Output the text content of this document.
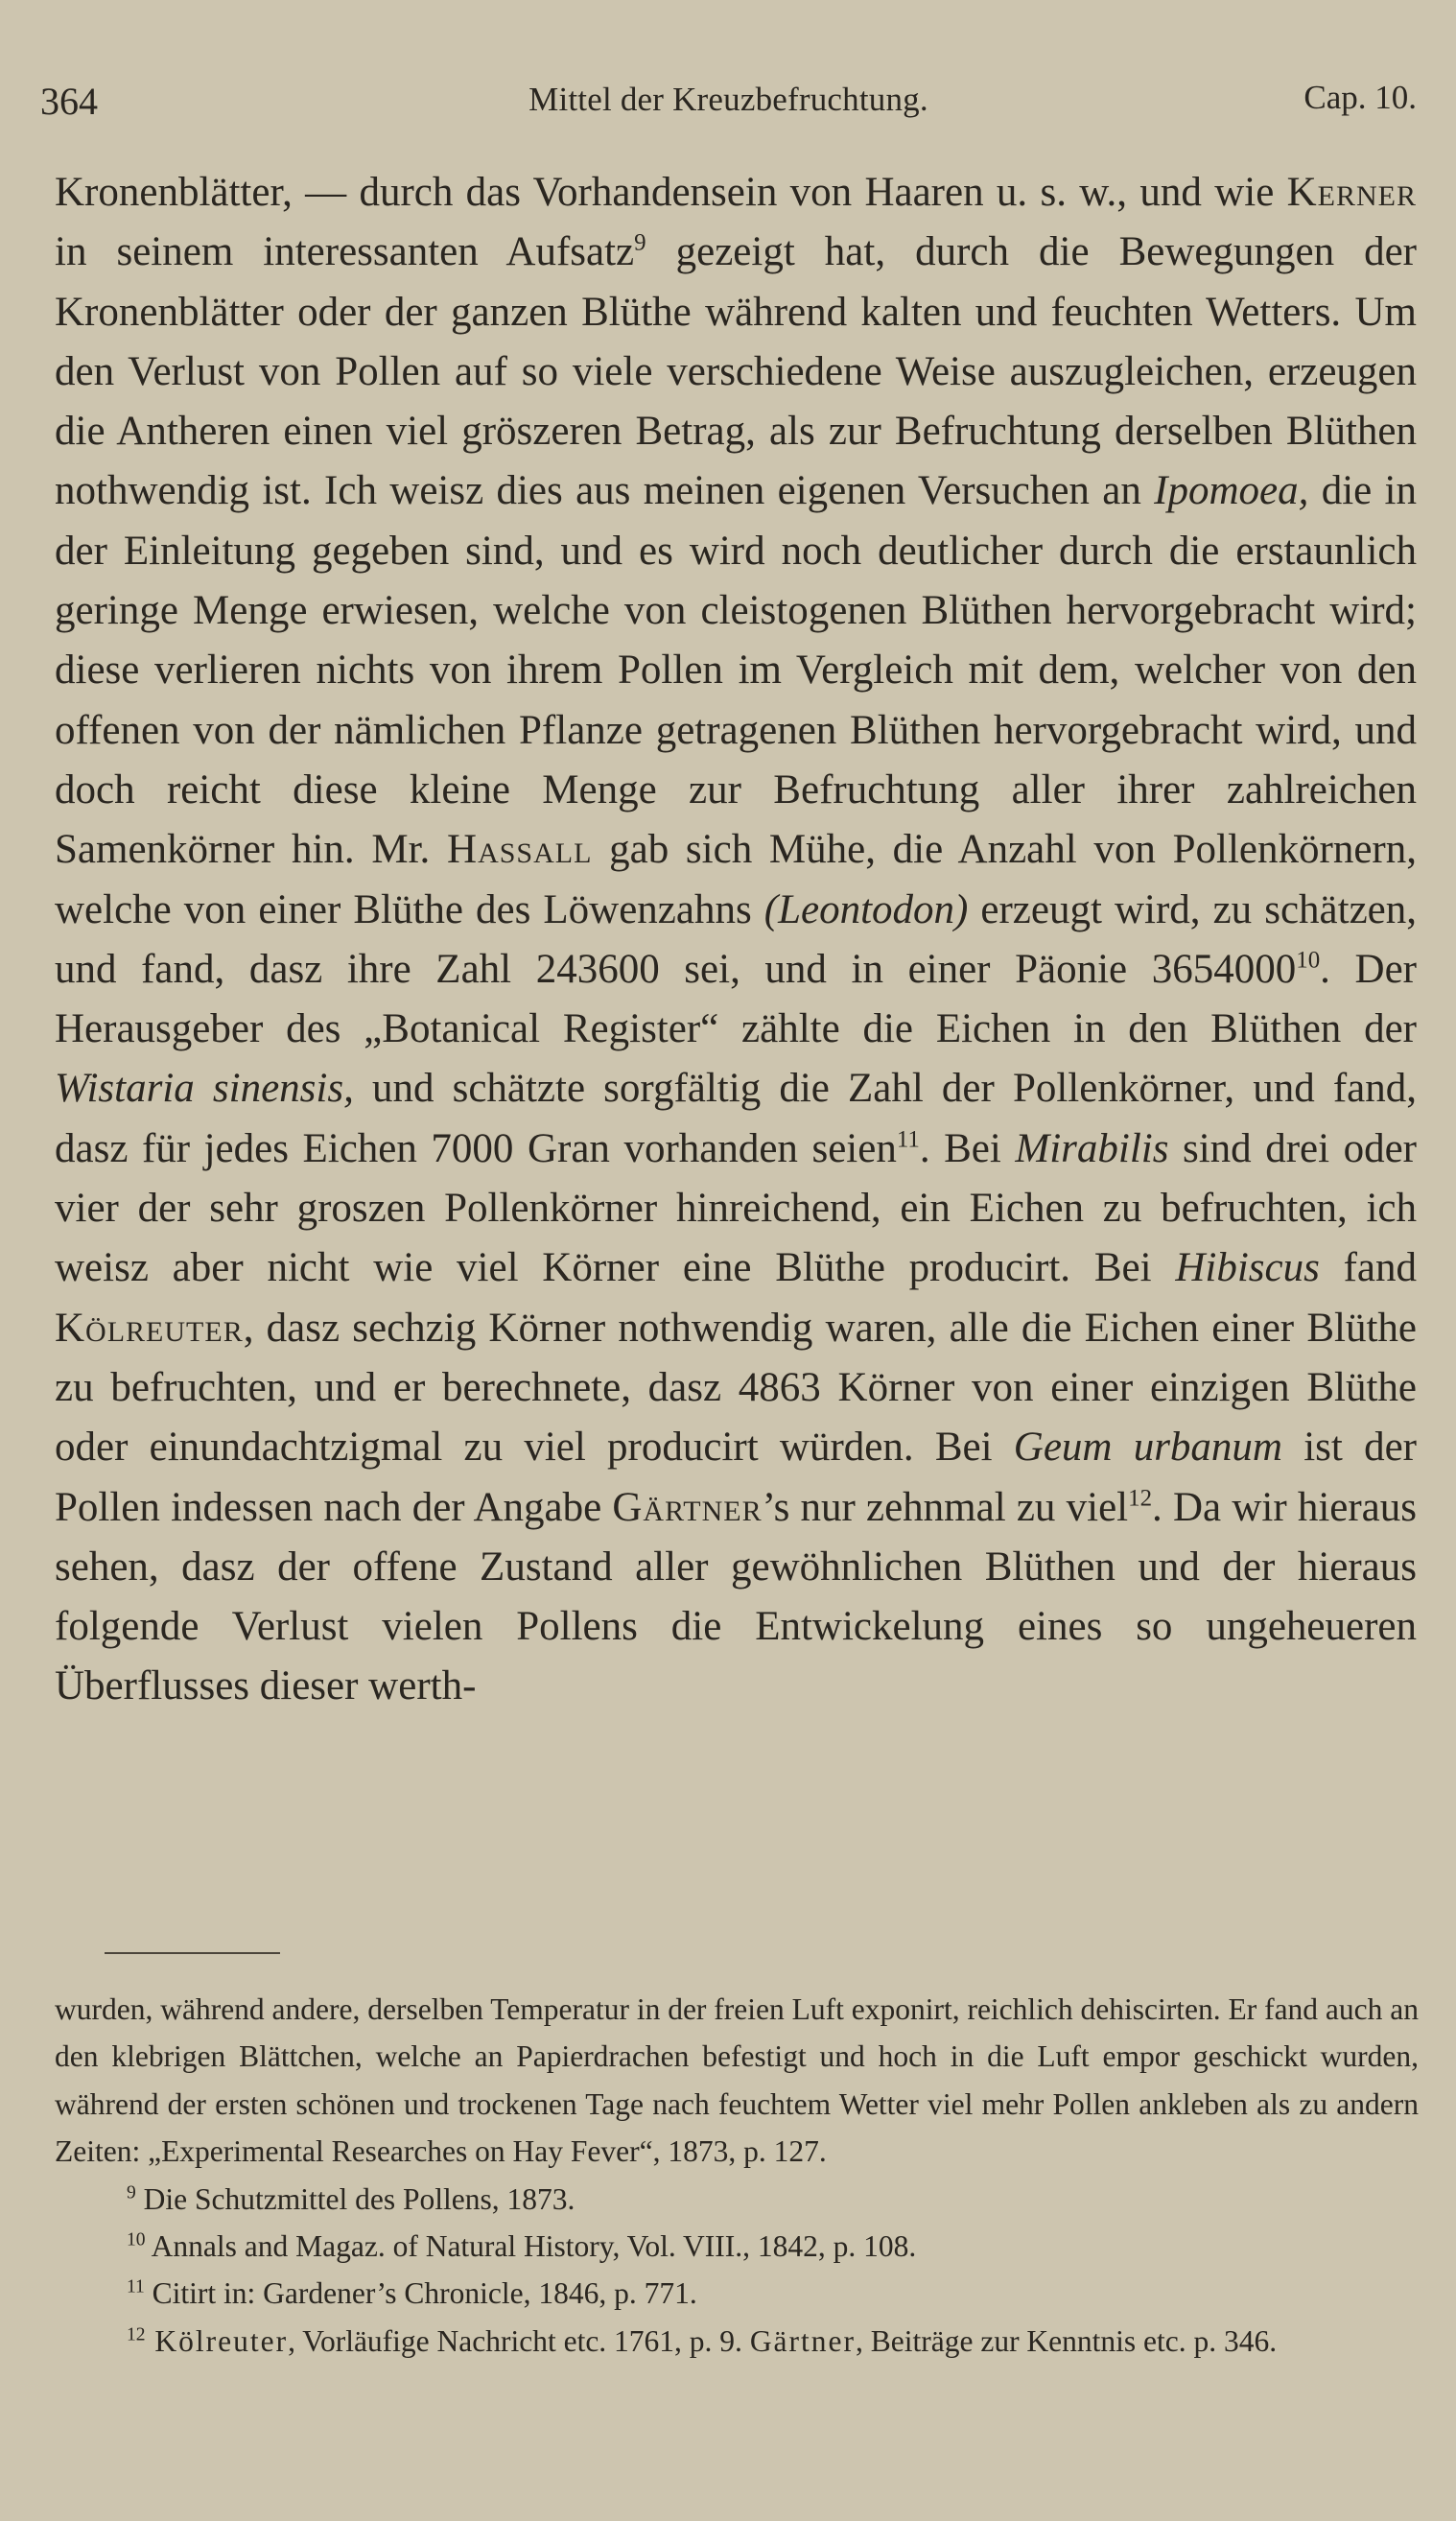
364	Mittel der Kreuzbefruchtung.	Cap. 10.

Kronenblätter, — durch das Vorhandensein von Haaren u. s. w., und wie Kerner in seinem interessanten Aufsatz$^9$ gezeigt hat, durch die Bewegungen der Kronenblätter oder der ganzen Blüthe während kalten und feuchten Wetters. Um den Verlust von Pollen auf so viele verschiedene Weise auszugleichen, erzeugen die Antheren einen viel gröszeren Betrag, als zur Befruchtung derselben Blüthen nothwendig ist. Ich weisz dies aus meinen eigenen Versuchen an Ipomoea, die in der Einleitung gegeben sind, und es wird noch deutlicher durch die erstaunlich geringe Menge erwiesen, welche von cleistogenen Blüthen hervorgebracht wird; diese verlieren nichts von ihrem Pollen im Vergleich mit dem, welcher von den offenen von der nämlichen Pflanze getragenen Blüthen hervorgebracht wird, und doch reicht diese kleine Menge zur Befruchtung aller ihrer zahlreichen Samenkörner hin. Mr. Hassall gab sich Mühe, die Anzahl von Pollenkörnern, welche von einer Blüthe des Löwenzahns (Leontodon) erzeugt wird, zu schätzen, und fand, dasz ihre Zahl 243600 sei, und in einer Päonie 3654000$^{10}$. Der Herausgeber des „Botanical Register“ zählte die Eichen in den Blüthen der Wistaria sinensis, und schätzte sorgfältig die Zahl der Pollenkörner, und fand, dasz für jedes Eichen 7000 Gran vorhanden seien$^{11}$. Bei Mirabilis sind drei oder vier der sehr groszen Pollenkörner hinreichend, ein Eichen zu befruchten, ich weisz aber nicht wie viel Körner eine Blüthe producirt. Bei Hibiscus fand Kölreuter, dasz sechzig Körner nothwendig waren, alle die Eichen einer Blüthe zu befruchten, und er berechnete, dasz 4863 Körner von einer einzigen Blüthe oder einundachtzigmal zu viel producirt würden. Bei Geum urbanum ist der Pollen indessen nach der Angabe Gärtner’s nur zehnmal zu viel$^{12}$. Da wir hieraus sehen, dasz der offene Zustand aller gewöhnlichen Blüthen und der hieraus folgende Verlust vielen Pollens die Entwickelung eines so ungeheueren Überflusses dieser werth-

wurden, während andere, derselben Temperatur in der freien Luft exponirt, reichlich dehiscirten. Er fand auch an den klebrigen Blättchen, welche an Papierdrachen befestigt und hoch in die Luft empor geschickt wurden, während der ersten schönen und trockenen Tage nach feuchtem Wetter viel mehr Pollen ankleben als zu andern Zeiten: „Experimental Researches on Hay Fever“, 1873, p. 127.

$^9$ Die Schutzmittel des Pollens, 1873.

$^{10}$ Annals and Magaz. of Natural History, Vol. VIII., 1842, p. 108.

$^{11}$ Citirt in: Gardener’s Chronicle, 1846, p. 771.

$^{12}$ Kölreuter, Vorläufige Nachricht etc. 1761, p. 9. Gärtner, Beiträge zur Kenntnis etc. p. 346.
